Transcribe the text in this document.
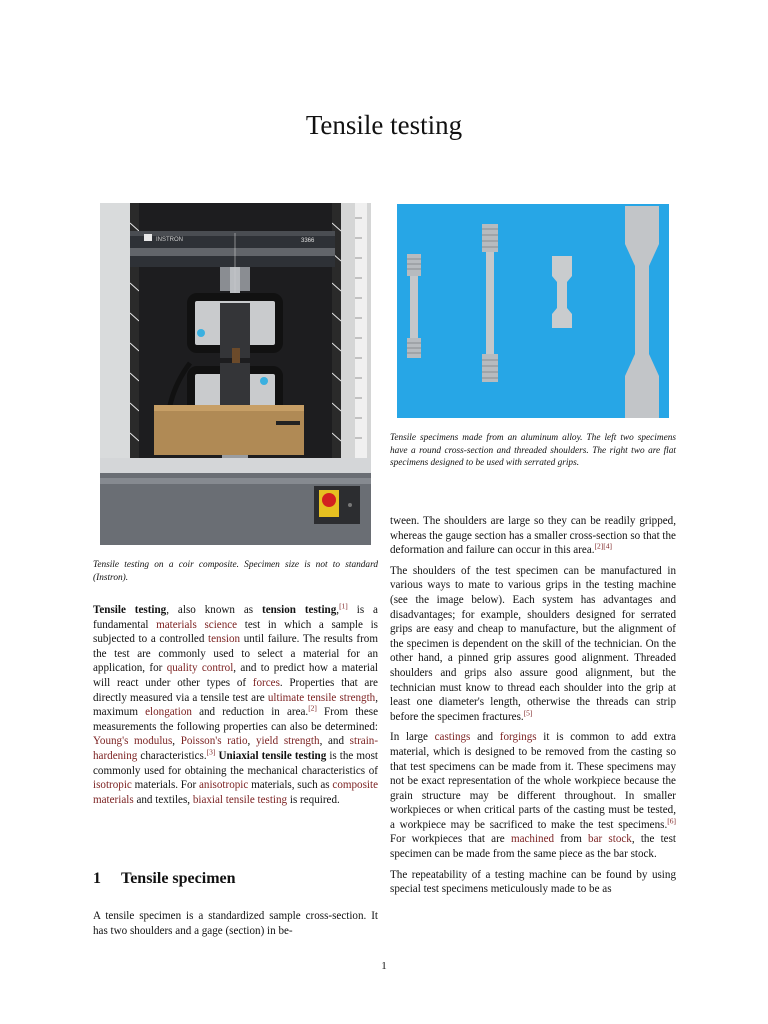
Tensile testing
INSTRON	3366
Tensile testing on a coir composite. Specimen size is not to standard (Instron).
Tensile specimens made from an aluminum alloy. The left two specimens have a round cross-section and threaded shoulders. The right two are flat specimens designed to be used with serrated grips.

Tensile testing, also known as tension testing,[1] is a fundamental materials science test in which a sample is subjected to a controlled tension until failure. The results from the test are commonly used to select a material for an application, for quality control, and to predict how a material will react under other types of forces. Properties that are directly measured via a tensile test are ultimate tensile strength, maximum elongation and reduction in area.[2] From these measurements the following properties can also be determined: Young's modulus, Poisson's ratio, yield strength, and strain-hardening characteristics.[3] Uniaxial tensile testing is the most commonly used for obtaining the mechanical characteristics of isotropic materials. For anisotropic materials, such as composite materials and textiles, biaxial tensile testing is required.

1 Tensile specimen

A tensile specimen is a standardized sample cross-section. It has two shoulders and a gage (section) in be-

tween. The shoulders are large so they can be readily gripped, whereas the gauge section has a smaller cross-section so that the deformation and failure can occur in this area.[2][4]

The shoulders of the test specimen can be manufactured in various ways to mate to various grips in the testing machine (see the image below). Each system has advantages and disadvantages; for example, shoulders designed for serrated grips are easy and cheap to manufacture, but the alignment of the specimen is dependent on the skill of the technician. On the other hand, a pinned grip assures good alignment. Threaded shoulders and grips also assure good alignment, but the technician must know to thread each shoulder into the grip at least one diameter's length, otherwise the threads can strip before the specimen fractures.[5]

In large castings and forgings it is common to add extra material, which is designed to be removed from the casting so that test specimens can be made from it. These specimens may not be exact representation of the whole workpiece because the grain structure may be different throughout. In smaller workpieces or when critical parts of the casting must be tested, a workpiece may be sacrificed to make the test specimens.[6] For workpieces that are machined from bar stock, the test specimen can be made from the same piece as the bar stock.

The repeatability of a testing machine can be found by using special test specimens meticulously made to be as

1
